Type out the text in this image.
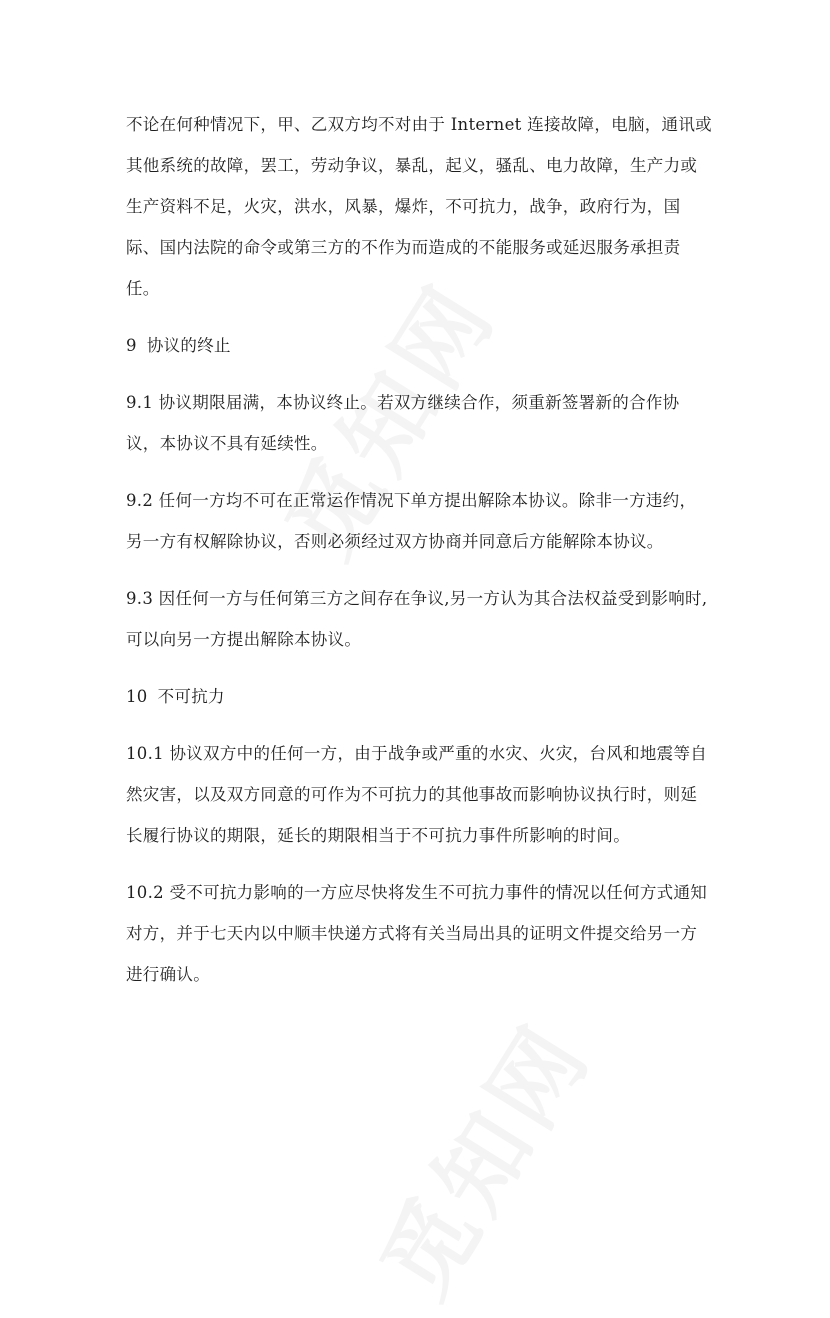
不论在何种情况下，甲、乙双方均不对由于 Internet 连接故障，电脑，通讯或
其他系统的故障，罢工，劳动争议，暴乱，起义，骚乱、电力故障，生产力或
生产资料不足，火灾，洪水，风暴，爆炸，不可抗力，战争，政府行为，国
际、国内法院的命令或第三方的不作为而造成的不能服务或延迟服务承担责
任。
9 协议的终止
9.1 协议期限届满，本协议终止。若双方继续合作，须重新签署新的合作协
议，本协议不具有延续性。
9.2 任何一方均不可在正常运作情况下单方提出解除本协议。除非一方违约，
另一方有权解除协议，否则必须经过双方协商并同意后方能解除本协议。
9.3 因任何一方与任何第三方之间存在争议,另一方认为其合法权益受到影响时,
可以向另一方提出解除本协议。
10 不可抗力
10.1 协议双方中的任何一方，由于战争或严重的水灾、火灾，台风和地震等自
然灾害，以及双方同意的可作为不可抗力的其他事故而影响协议执行时，则延
长履行协议的期限，延长的期限相当于不可抗力事件所影响的时间。
10.2 受不可抗力影响的一方应尽快将发生不可抗力事件的情况以任何方式通知
对方，并于七天内以中顺丰快递方式将有关当局出具的证明文件提交给另一方
进行确认。
